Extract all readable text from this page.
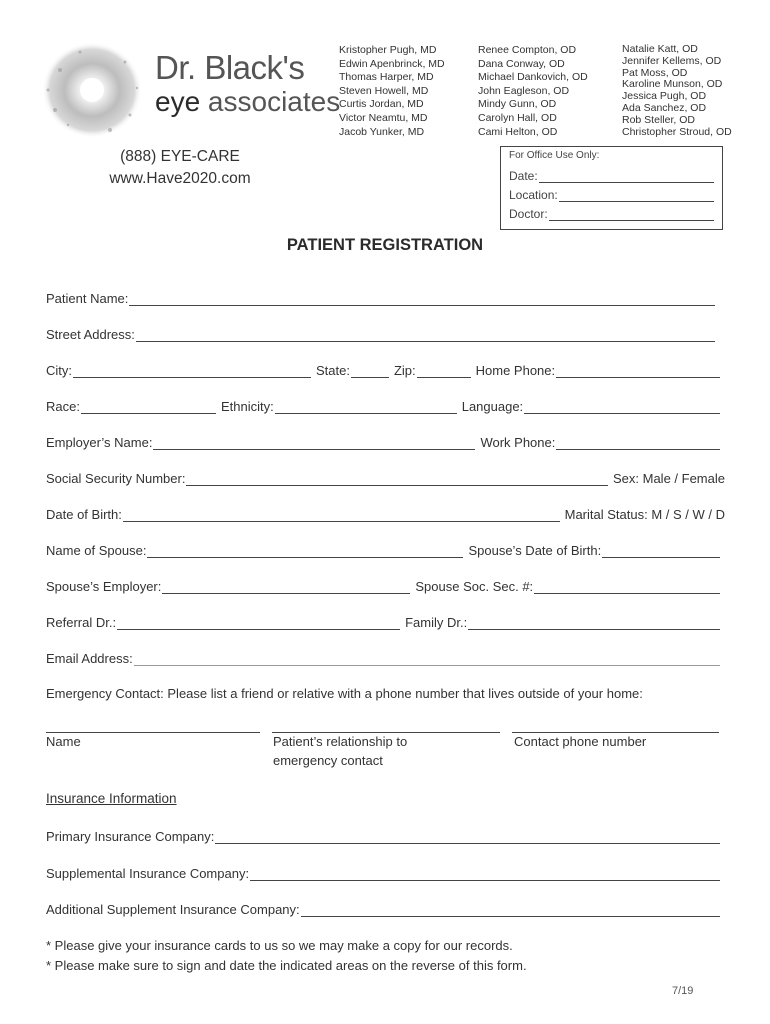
Dr. Black's
eye associates
Kristopher Pugh, MD
Edwin Apenbrinck, MD
Thomas Harper, MD
Steven Howell, MD
Curtis Jordan, MD
Victor Neamtu, MD
Jacob Yunker, MD
Renee Compton, OD
Dana Conway, OD
Michael Dankovich, OD
John Eagleson, OD
Mindy Gunn, OD
Carolyn Hall, OD
Cami Helton, OD
Natalie Katt, OD
Jennifer Kellems, OD
Pat Moss, OD
Karoline Munson, OD
Jessica Pugh, OD
Ada Sanchez, OD
Rob Steller, OD
Christopher Stroud, OD
(888) EYE-CARE
www.Have2020.com
For Office Use Only:
Date:
Location:
Doctor:
PATIENT REGISTRATION
Patient Name:
Street Address:
City:	State:	Zip:	Home Phone:
Race:	Ethnicity:	Language:
Employer’s Name:	Work Phone:
Social Security Number:	Sex: Male / Female
Date of Birth:	Marital Status: M / S / W / D
Name of Spouse:	Spouse’s Date of Birth:
Spouse’s Employer:	Spouse Soc. Sec. #:
Referral Dr.:	Family Dr.:
Email Address:
Emergency Contact: Please list a friend or relative with a phone number that lives outside of your home:
Name	Patient’s relationship to
emergency contact
Contact phone number
Insurance Information
Primary Insurance Company:
Supplemental Insurance Company:
Additional Supplement Insurance Company:
* Please give your insurance cards to us so we may make a copy for our records.
* Please make sure to sign and date the indicated areas on the reverse of this form.
7/19
